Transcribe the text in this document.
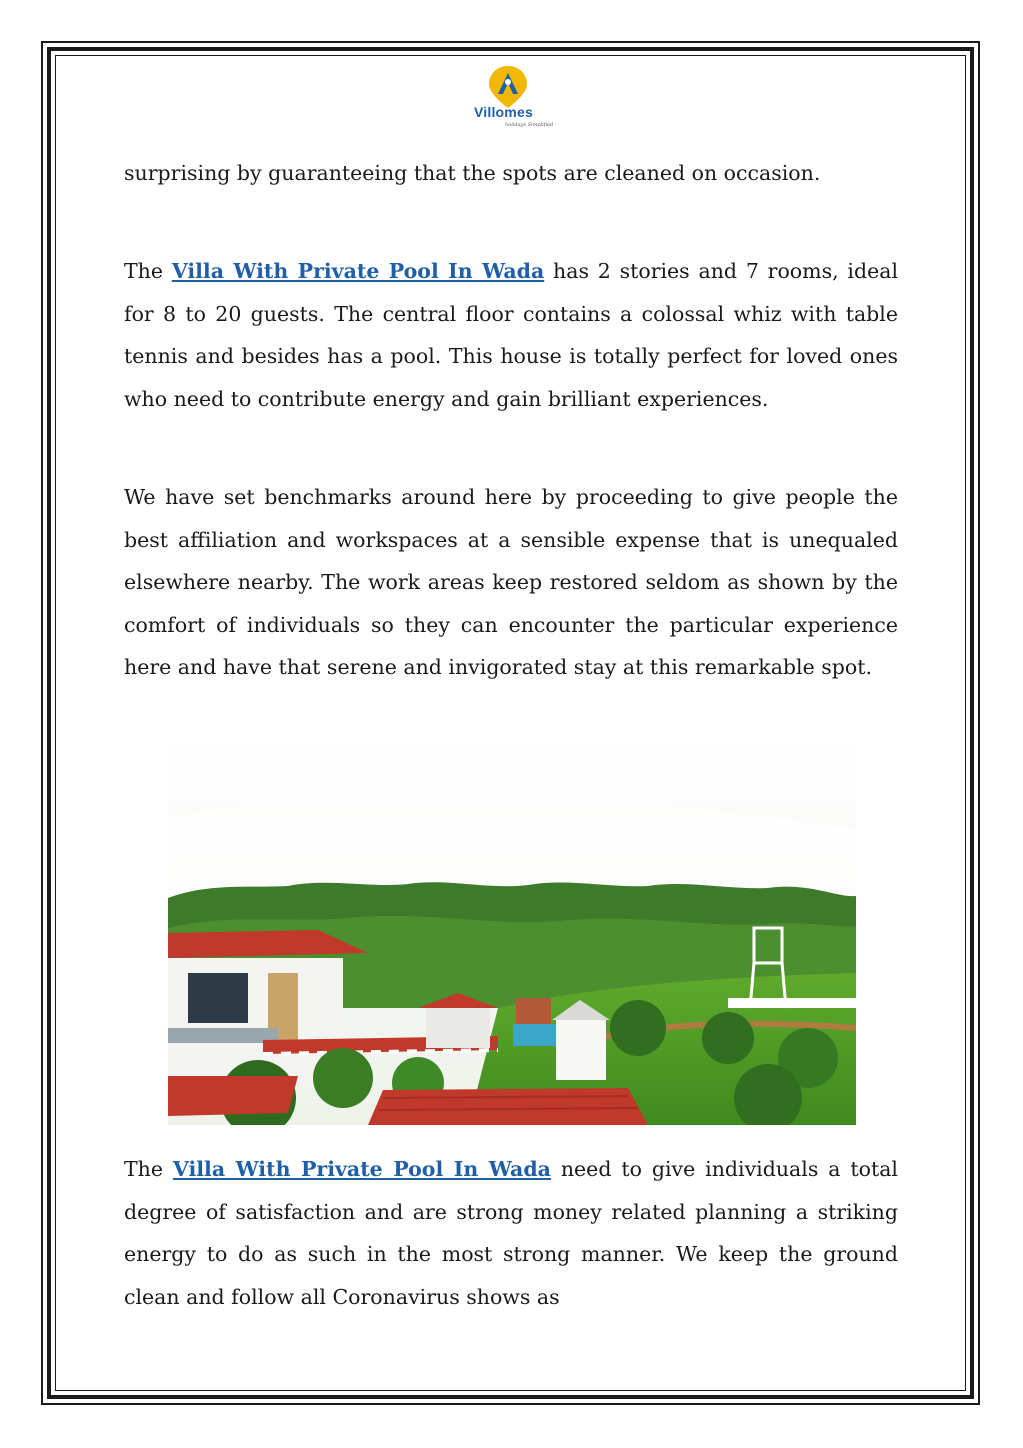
Villomes
holidays Simplified

surprising by guaranteeing that the spots are cleaned on occasion.

The Villa With Private Pool In Wada has 2 stories and 7 rooms, ideal for 8 to 20 guests. The central floor contains a colossal whiz with table tennis and besides has a pool. This house is totally perfect for loved ones who need to contribute energy and gain brilliant experiences.

We have set benchmarks around here by proceeding to give people the best affiliation and workspaces at a sensible expense that is unequaled elsewhere nearby. The work areas keep restored seldom as shown by the comfort of individuals so they can encounter the particular experience here and have that serene and invigorated stay at this remarkable spot.

The Villa With Private Pool In Wada need to give individuals a total degree of satisfaction and are strong money related planning a striking energy to do as such in the most strong manner. We keep the ground clean and follow all Coronavirus shows as
